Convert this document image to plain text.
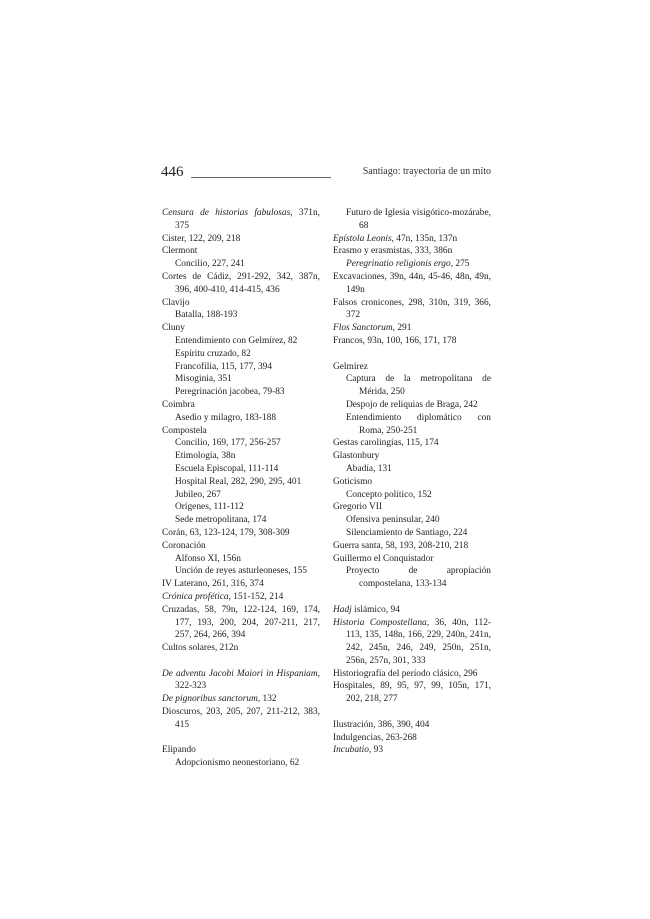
446	Santiago: trayectoria de un mito
Censura de historias fabulosas, 371n, 375
Cister, 122, 209, 218
Clermont
Concilio, 227, 241
Cortes de Cádiz, 291-292, 342, 387n, 396, 400-410, 414-415, 436
Clavijo
Batalla, 188-193
Cluny
Entendimiento con Gelmírez, 82
Espíritu cruzado, 82
Francofilia, 115, 177, 394
Misoginia, 351
Peregrinación jacobea, 79-83
Coimbra
Asedio y milagro, 183-188
Compostela
Concilio, 169, 177, 256-257
Etimología, 38n
Escuela Episcopal, 111-114
Hospital Real, 282, 290, 295, 401
Jubileo, 267
Orígenes, 111-112
Sede metropolitana, 174
Corán, 63, 123-124, 179, 308-309
Coronación
Alfonso XI, 156n
Unción de reyes asturleoneses, 155
IV Laterano, 261, 316, 374
Crónica profética, 151-152, 214
Cruzadas, 58, 79n, 122-124, 169, 174, 177, 193, 200, 204, 207-211, 217, 257, 264, 266, 394
Cultos solares, 212n
De adventu Jacobi Maiori in Hispaniam, 322-323
De pignoribus sanctorum, 132
Dioscuros, 203, 205, 207, 211-212, 383, 415
Elipando
Adopcionismo neonestoriano, 62
Futuro de Iglesia visigótico-mozárabe, 68
Epístola Leonis, 47n, 135n, 137n
Erasmo y erasmistas, 333, 386n
Peregrinatio religionis ergo, 275
Excavaciones, 39n, 44n, 45-46, 48n, 49n, 149n
Falsos cronicones, 298, 310n, 319, 366, 372
Flos Sanctorum, 291
Francos, 93n, 100, 166, 171, 178
Gelmírez
Captura de la metropolitana de Mérida, 250
Despojo de reliquias de Braga, 242
Entendimiento diplomático con Roma, 250-251
Gestas carolingias, 115, 174
Glastonbury
Abadía, 131
Goticismo
Concepto político, 152
Gregorio VII
Ofensiva peninsular, 240
Silenciamiento de Santiago, 224
Guerra santa, 58, 193, 208-210, 218
Guillermo el Conquistador
Proyecto de apropiación compostelana, 133-134
Hadj islámico, 94
Historia Compostellana, 36, 40n, 112-113, 135, 148n, 166, 229, 240n, 241n, 242, 245n, 246, 249, 250n, 251n, 256n, 257n, 301, 333
Historiografía del período clásico, 296
Hospitales, 89, 95, 97, 99, 105n, 171, 202, 218, 277
Ilustración, 386, 390, 404
Indulgencias, 263-268
Incubatio, 93
